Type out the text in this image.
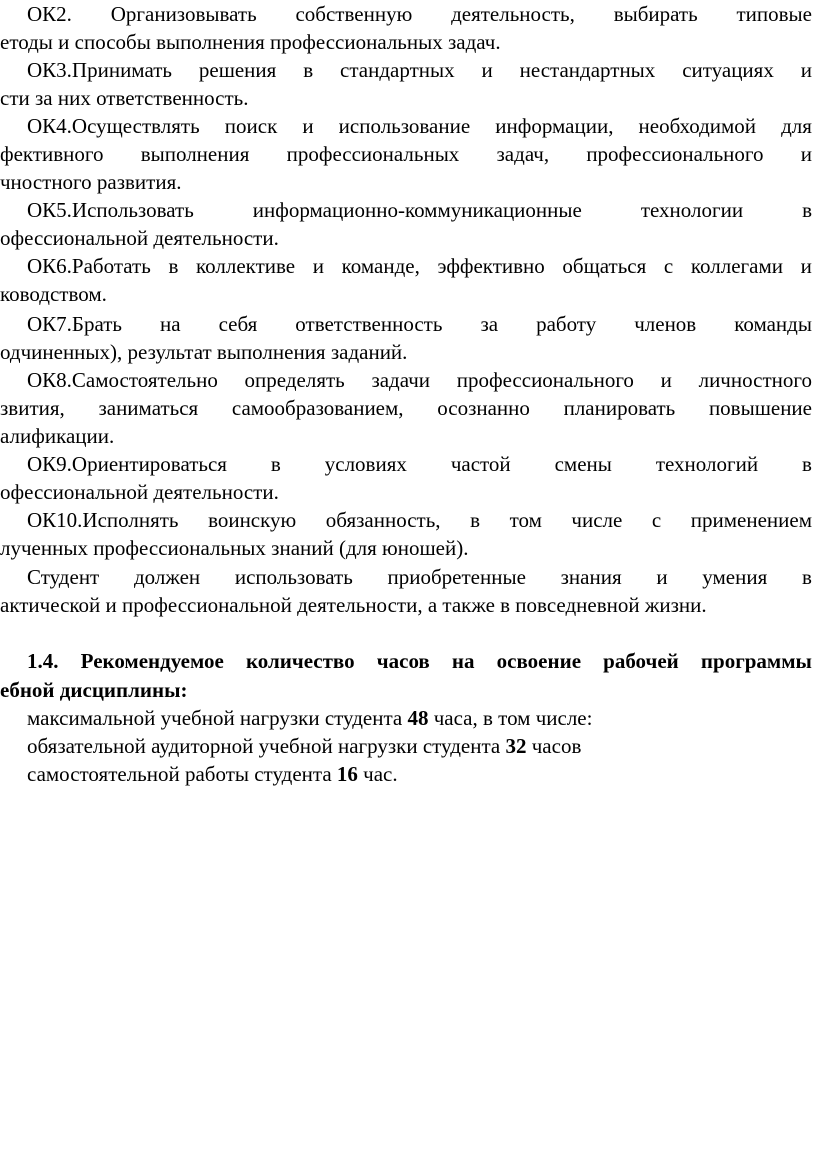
ОК2. Организовывать собственную деятельность, выбирать типовые
етоды и способы выполнения профессиональных задач.
ОК3.Принимать решения в стандартных и нестандартных ситуациях и
сти за них ответственность.
ОК4.Осуществлять поиск и использование информации, необходимой для
фективного выполнения профессиональных задач, профессионального и
чностного развития.
ОК5.Использовать	информационно-коммуникационные	технологии	в
офессиональной деятельности.
ОК6.Работать в коллективе и команде, эффективно общаться с коллегами и
ководством.
ОК7.Брать на себя ответственность за работу членов команды
одчиненных), результат выполнения заданий.
ОК8.Самостоятельно определять задачи профессионального и личностного
звития, заниматься самообразованием, осознанно планировать повышение
алификации.
ОК9.Ориентироваться в условиях частой смены технологий в
офессиональной деятельности.
ОК10.Исполнять воинскую обязанность, в том числе с применением
лученных профессиональных знаний (для юношей).
Студент должен использовать приобретенные знания и умения в
актической и профессиональной деятельности, а также в повседневной жизни.
1.4. Рекомендуемое количество часов на освоение рабочей программы
ебной дисциплины:
максимальной учебной нагрузки студента 48 часа, в том числе:
обязательной аудиторной учебной нагрузки студента 32 часов
самостоятельной работы студента 16 час.
